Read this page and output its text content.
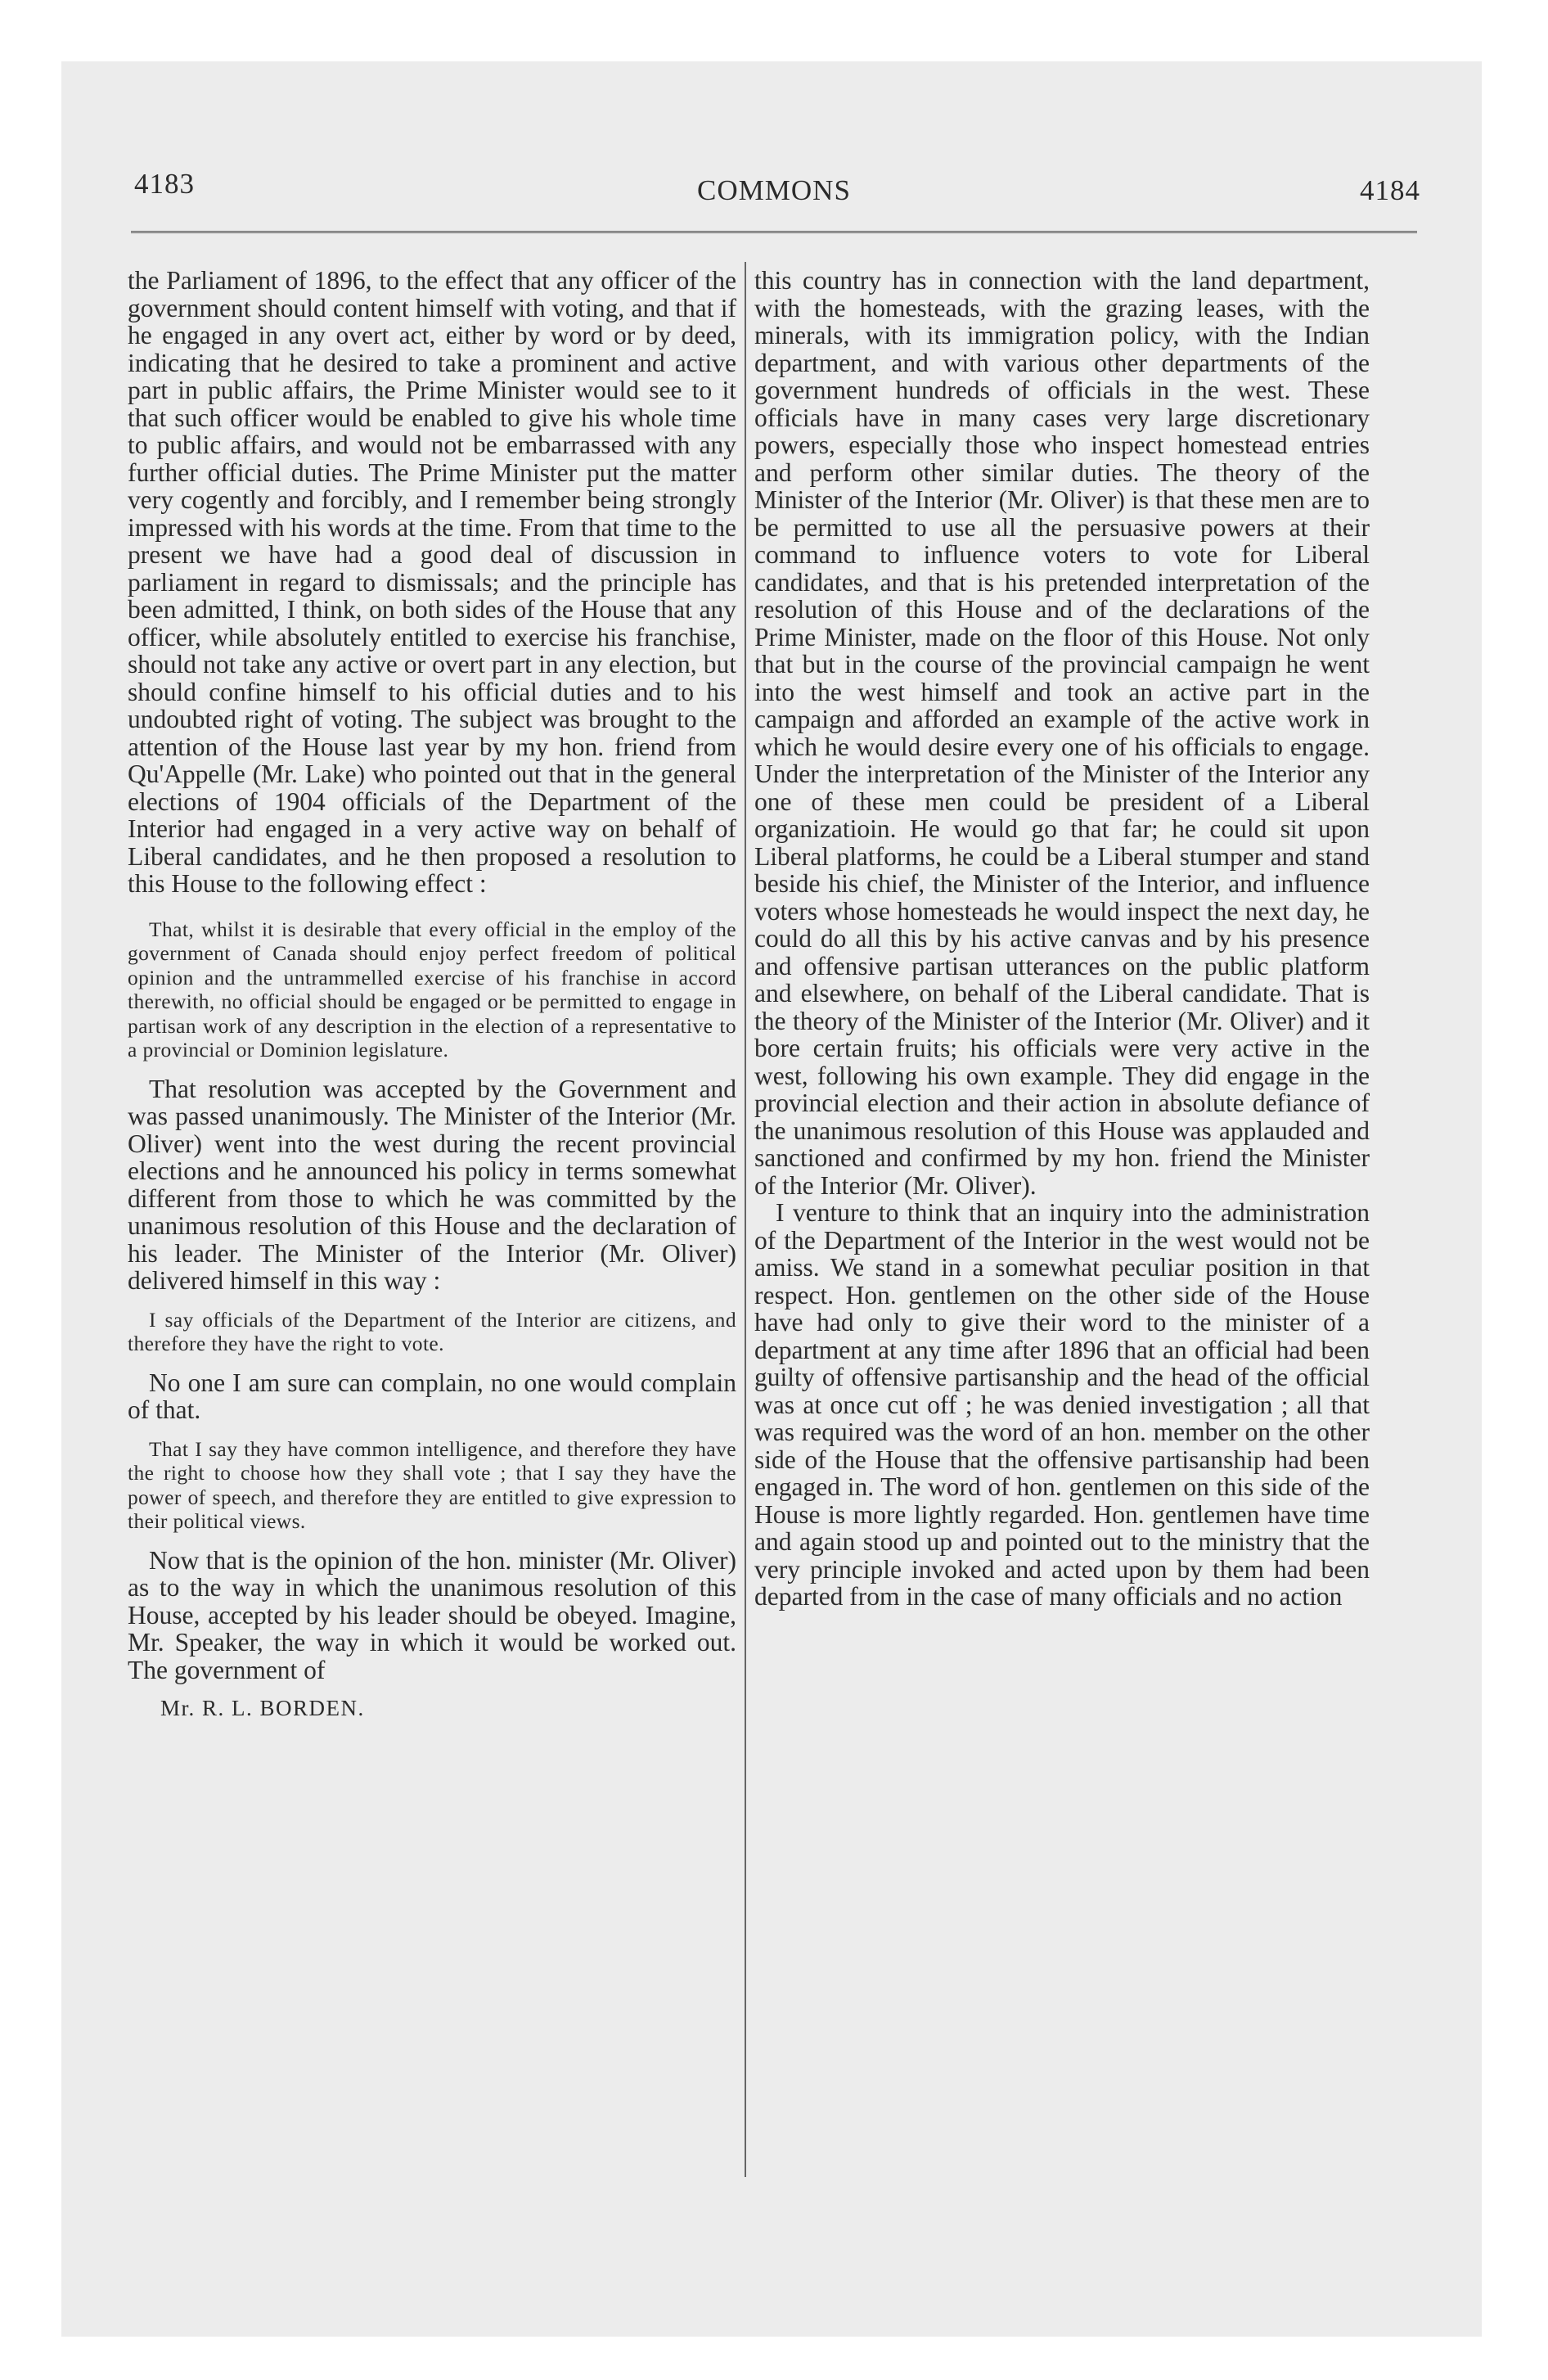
4183	COMMONS	4184

the Parliament of 1896, to the effect that any officer of the government should content himself with voting, and that if he engaged in any overt act, either by word or by deed, indicating that he desired to take a prominent and active part in public affairs, the Prime Minister would see to it that such officer would be enabled to give his whole time to public affairs, and would not be embarrassed with any further official duties. The Prime Minister put the matter very cogently and forcibly, and I remember being strongly impressed with his words at the time. From that time to the present we have had a good deal of discussion in parliament in regard to dismissals; and the principle has been admitted, I think, on both sides of the House that any officer, while absolutely entitled to exercise his franchise, should not take any active or overt part in any election, but should confine himself to his official duties and to his undoubted right of voting. The subject was brought to the attention of the House last year by my hon. friend from Qu'Appelle (Mr. Lake) who pointed out that in the general elections of 1904 officials of the Department of the Interior had engaged in a very active way on behalf of Liberal candidates, and he then proposed a resolution to this House to the following effect :

That, whilst it is desirable that every official in the employ of the government of Canada should enjoy perfect freedom of political opinion and the untrammelled exercise of his franchise in accord therewith, no official should be engaged or be permitted to engage in partisan work of any description in the election of a representative to a provincial or Dominion legislature.

That resolution was accepted by the Government and was passed unanimously. The Minister of the Interior (Mr. Oliver) went into the west during the recent provincial elections and he announced his policy in terms somewhat different from those to which he was committed by the unanimous resolution of this House and the declaration of his leader. The Minister of the Interior (Mr. Oliver) delivered himself in this way :

I say officials of the Department of the Interior are citizens, and therefore they have the right to vote.

No one I am sure can complain, no one would complain of that.

That I say they have common intelligence, and therefore they have the right to choose how they shall vote ; that I say they have the power of speech, and therefore they are entitled to give expression to their political views.

Now that is the opinion of the hon. minister (Mr. Oliver) as to the way in which the unanimous resolution of this House, accepted by his leader should be obeyed. Imagine, Mr. Speaker, the way in which it would be worked out. The government of

Mr. R. L. BORDEN.

this country has in connection with the land department, with the homesteads, with the grazing leases, with the minerals, with its immigration policy, with the Indian department, and with various other departments of the government hundreds of officials in the west. These officials have in many cases very large discretionary powers, especially those who inspect homestead entries and perform other similar duties. The theory of the Minister of the Interior (Mr. Oliver) is that these men are to be permitted to use all the persuasive powers at their command to influence voters to vote for Liberal candidates, and that is his pretended interpretation of the resolution of this House and of the declarations of the Prime Minister, made on the floor of this House. Not only that but in the course of the provincial campaign he went into the west himself and took an active part in the campaign and afforded an example of the active work in which he would desire every one of his officials to engage. Under the interpretation of the Minister of the Interior any one of these men could be president of a Liberal organizatioin. He would go that far; he could sit upon Liberal platforms, he could be a Liberal stumper and stand beside his chief, the Minister of the Interior, and influence voters whose homesteads he would inspect the next day, he could do all this by his active canvas and by his presence and offensive partisan utterances on the public platform and elsewhere, on behalf of the Liberal candidate. That is the theory of the Minister of the Interior (Mr. Oliver) and it bore certain fruits; his officials were very active in the west, following his own example. They did engage in the provincial election and their action in absolute defiance of the unanimous resolution of this House was applauded and sanctioned and confirmed by my hon. friend the Minister of the Interior (Mr. Oliver).

I venture to think that an inquiry into the administration of the Department of the Interior in the west would not be amiss. We stand in a somewhat peculiar position in that respect. Hon. gentlemen on the other side of the House have had only to give their word to the minister of a department at any time after 1896 that an official had been guilty of offensive partisanship and the head of the official was at once cut off ; he was denied investigation ; all that was required was the word of an hon. member on the other side of the House that the offensive partisanship had been engaged in. The word of hon. gentlemen on this side of the House is more lightly regarded. Hon. gentlemen have time and again stood up and pointed out to the ministry that the very principle invoked and acted upon by them had been departed from in the case of many officials and no action
